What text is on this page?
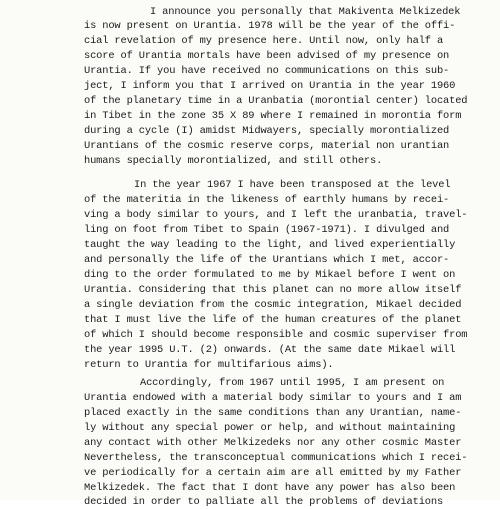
I announce you personally that Makiventa Melkizedek
is now present on Urantia. 1978 will be the year of the offi-
cial revelation of my presence here. Until now, only half a
score of Urantia mortals have been advised of my presence on
Urantia. If you have received no communications on this sub-
ject, I inform you that I arrived on Urantia in the year 1960
of the planetary time in a Uranbatia (morontial center) located
in Tibet in the zone 35 X 89 where I remained in morontia form
during a cycle (I) amidst Midwayers, specially morontialized
Urantians of the cosmic reserve corps, material non urantian
humans specially morontialized, and still others.
In the year 1967 I have been transposed at the level
of the materitia in the likeness of earthly humans by recei-
ving a body similar to yours, and I left the uranbatia, travel-
ling on foot from Tibet to Spain (1967-1971). I divulged and
taught the way leading to the light, and lived experientially
and personally the life of the Urantians which I met, accor-
ding to the order formulated to me by Mikael before I went on
Urantia. Considering that this planet can no more allow itself
a single deviation from the cosmic integration, Mikael decided
that I must live the life of the human creatures of the planet
of which I should become responsible and cosmic superviser from
the year 1995 U.T. (2) onwards. (At the same date Mikael will
return to Urantia for multifarious aims).
Accordingly, from 1967 until 1995, I am present on
Urantia endowed with a material body similar to yours and I am
placed exactly in the same conditions than any Urantian, name-
ly without any special power or help, and without maintaining
any contact with other Melkizedeks nor any other cosmic Master
Nevertheless, the transconceptual communications which I recei-
ve periodically for a certain aim are all emitted by my Father
Melkizedek. The fact that I dont have any power has also been
decided in order to palliate all the problems of deviations
